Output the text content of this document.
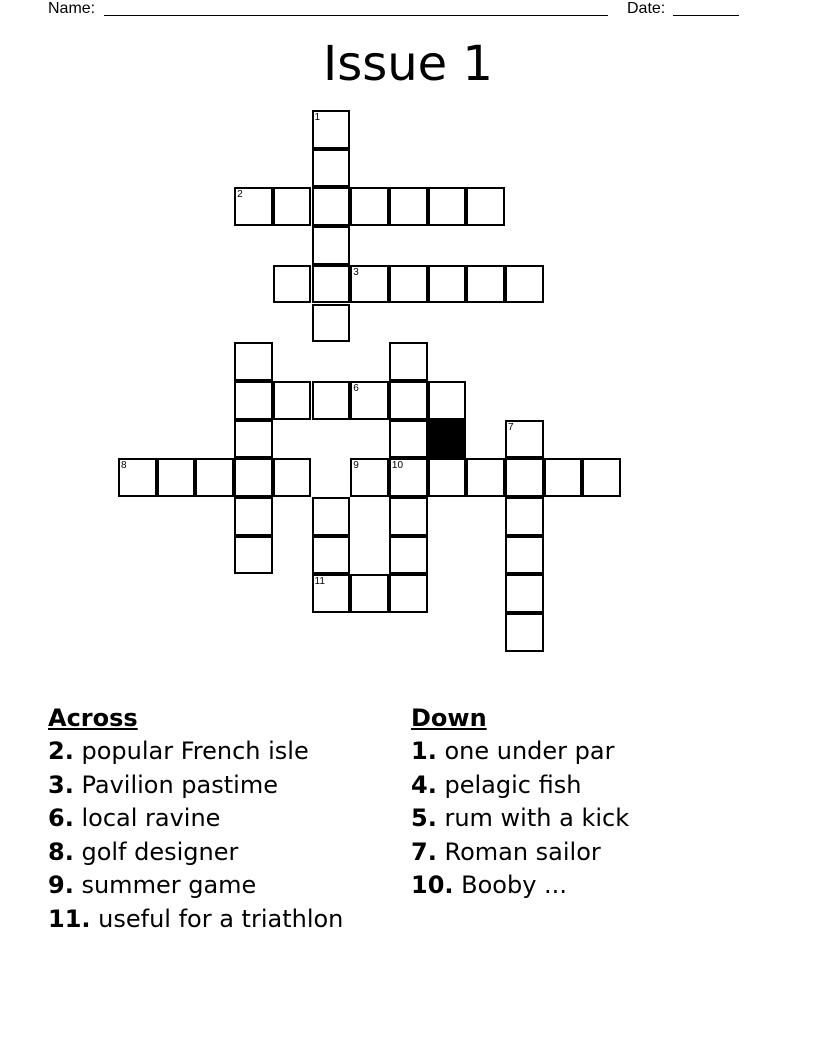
Name:	Date:
Issue 1
1
2
3
10
6
8	9
7
11
Across
2. popular French isle
3. Pavilion pastime
6. local ravine
8. golf designer
9. summer game
11. useful for a triathlon
Down
1. one under par
4. pelagic fish
5. rum with a kick
7. Roman sailor
10. Booby ...
